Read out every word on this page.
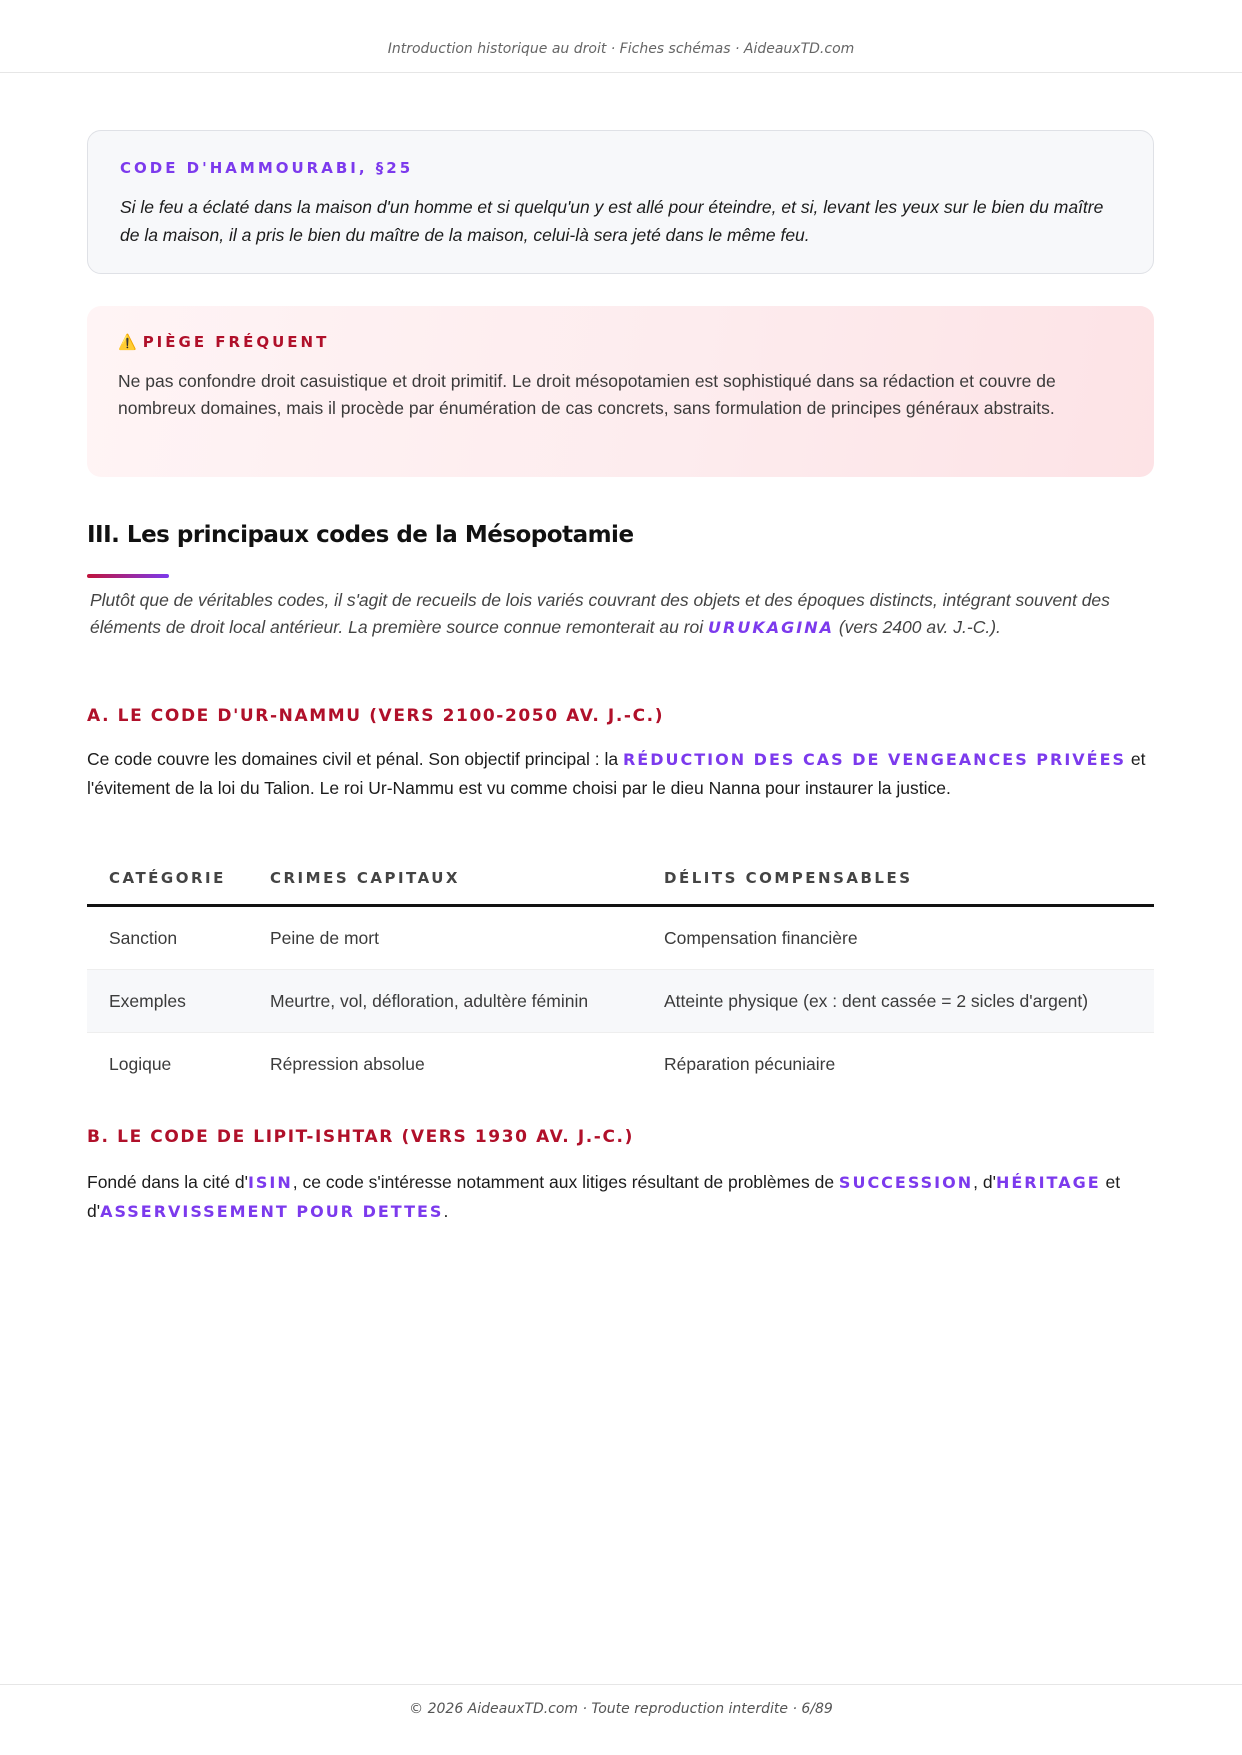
Introduction historique au droit · Fiches schémas · AideauxTD.com
CODE D'HAMMOURABI, §25
Si le feu a éclaté dans la maison d'un homme et si quelqu'un y est allé pour éteindre, et si, levant les yeux sur le bien du maître de la maison, il a pris le bien du maître de la maison, celui-là sera jeté dans le même feu.
⚠️ PIÈGE FRÉQUENT
Ne pas confondre droit casuistique et droit primitif. Le droit mésopotamien est sophistiqué dans sa rédaction et couvre de nombreux domaines, mais il procède par énumération de cas concrets, sans formulation de principes généraux abstraits.
III. Les principaux codes de la Mésopotamie
Plutôt que de véritables codes, il s'agit de recueils de lois variés couvrant des objets et des époques distincts, intégrant souvent des éléments de droit local antérieur. La première source connue remonterait au roi URUKAGINA (vers 2400 av. J.-C.).
A. LE CODE D'UR-NAMMU (VERS 2100-2050 AV. J.-C.)
Ce code couvre les domaines civil et pénal. Son objectif principal : la RÉDUCTION DES CAS DE VENGEANCES PRIVÉES et l'évitement de la loi du Talion. Le roi Ur-Nammu est vu comme choisi par le dieu Nanna pour instaurer la justice.
CATÉGORIE	CRIMES CAPITAUX	DÉLITS COMPENSABLES
Sanction	Peine de mort	Compensation financière
Exemples	Meurtre, vol, défloration, adultère féminin	Atteinte physique (ex : dent cassée = 2 sicles d'argent)
Logique	Répression absolue	Réparation pécuniaire
B. LE CODE DE LIPIT-ISHTAR (VERS 1930 AV. J.-C.)
Fondé dans la cité d'ISIN, ce code s'intéresse notamment aux litiges résultant de problèmes de SUCCESSION, d'HÉRITAGE et d'ASSERVISSEMENT POUR DETTES.
© 2026 AideauxTD.com · Toute reproduction interdite · 6/89
